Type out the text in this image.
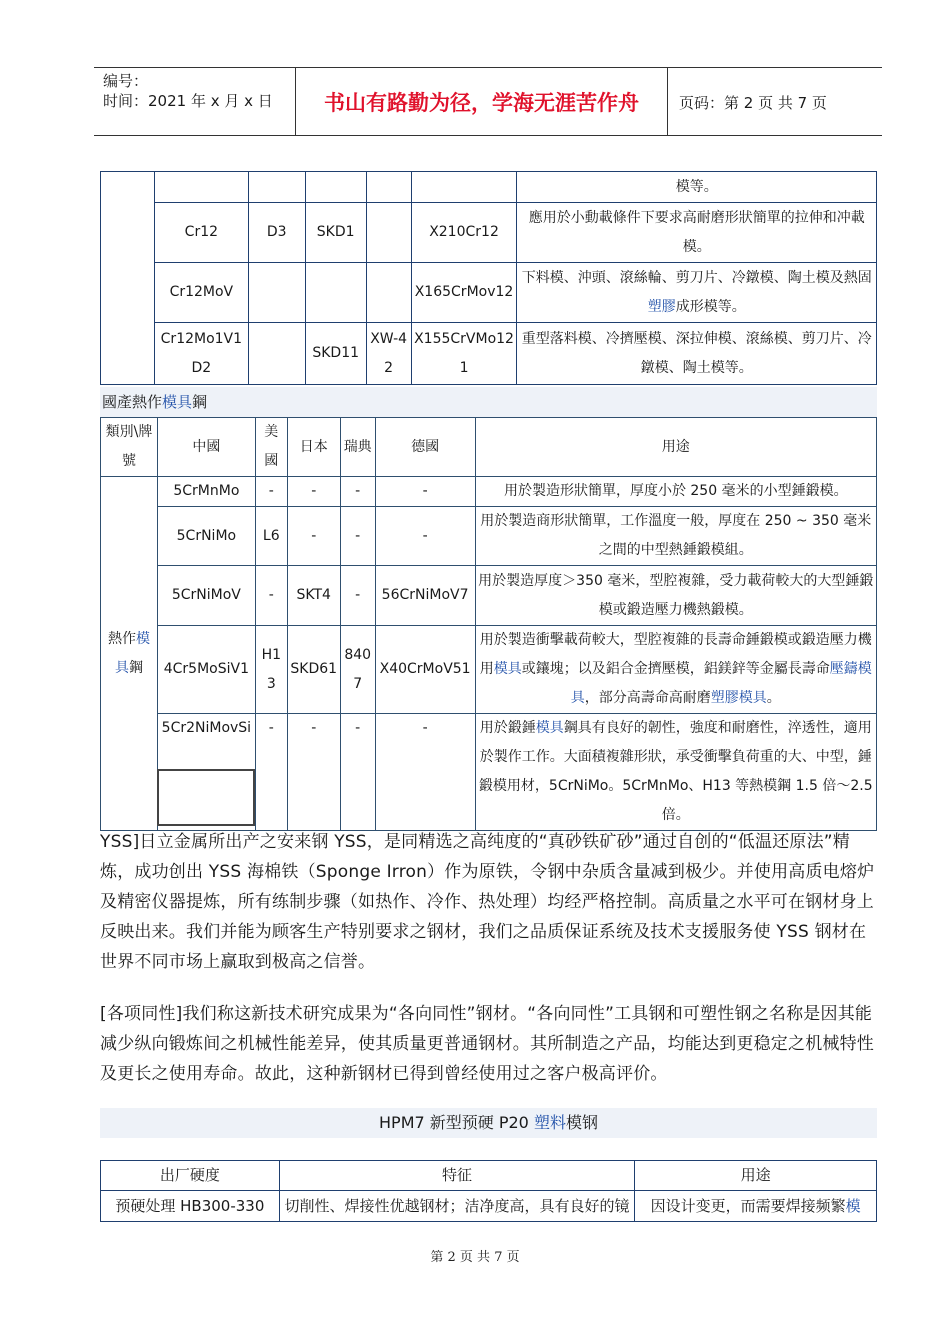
编号：
时间：2021 年 x 月 x 日	书山有路勤为径，学海无涯苦作舟	页码：第 2 页 共 7 页
						模等。
	Cr12	D3	SKD1		X210Cr12	應用於小動載條件下要求高耐磨形狀簡單的拉伸和冲載模。
	Cr12MoV				X165CrMov12	下料模、沖頭、滾絲輪、剪刀片、冷鐓模、陶土模及熱固塑膠成形模等。
	Cr12Mo1V1 D2		SKD11	XW-42	X155CrVMo121	重型落料模、冷擠壓模、深拉伸模、滾絲模、剪刀片、冷鐓模、陶土模等。
國產熱作模具鋼
類別\牌號	中國	美國	日本	瑞典	德國	用途
熱作模具鋼	5CrMnMo	-	-	-	-	用於製造形狀簡單，厚度小於 250 毫米的小型錘鍛模。
	5CrNiMo	L6	-	-	-	用於製造商形狀簡單，工作溫度一般，厚度在 250 ~ 350 毫米之間的中型熱錘鍛模組。
	5CrNiMoV	-	SKT4	-	56CrNiMoV7	用於製造厚度＞350 毫米，型腔複雜，受力載荷較大的大型錘鍛模或鍛造壓力機熱鍛模。
	4Cr5MoSiV1	H13	SKD61	8407	X40CrMoV51	用於製造衝擊載荷較大，型腔複雜的長壽命錘鍛模或鍛造壓力機用模具或鑲塊；以及鋁合金擠壓模，鋁鎂鋅等金屬長壽命壓鑄模具，部分高壽命高耐磨塑膠模具。
	5Cr2NiMovSi	-	-	-	-	用於鍛錘模具鋼具有良好的韌性，強度和耐磨性，淬透性，適用於製作工作。大面積複雜形狀，承受衝擊負荷重的大、中型，錘鍛模用材，5CrNiMo。5CrMnMo、H13 等熱模鋼 1.5 倍～2.5 倍。
YSS]日立金属所出产之安来钢 YSS，是同精选之高纯度的“真砂铁矿砂”通过自创的“低温还原法”精炼，成功创出 YSS 海棉铁（Sponge Irron）作为原铁，令钢中杂质含量减到极少。并使用高质电熔炉及精密仪器提炼，所有练制步骤（如热作、冷作、热处理）均经严格控制。高质量之水平可在钢材身上反映出来。我们并能为顾客生产特别要求之钢材，我们之品质保证系统及技术支援服务使 YSS 钢材在世界不同市场上赢取到极高之信誉。
[各项同性]我们称这新技术研究成果为“各向同性”钢材。“各向同性”工具钢和可塑性钢之名称是因其能减少纵向锻炼间之机械性能差异，使其质量更普通钢材。其所制造之产品，均能达到更稳定之机械特性及更长之使用寿命。故此，这种新钢材已得到曾经使用过之客户极高评价。
HPM7 新型预硬 P20 塑料模钢
出厂硬度	特征	用途
预硬处理 HB300-330	切削性、焊接性优越钢材；洁净度高，具有良好的镜	因设计变更，而需要焊接频繁模
第 2 页 共 7 页
